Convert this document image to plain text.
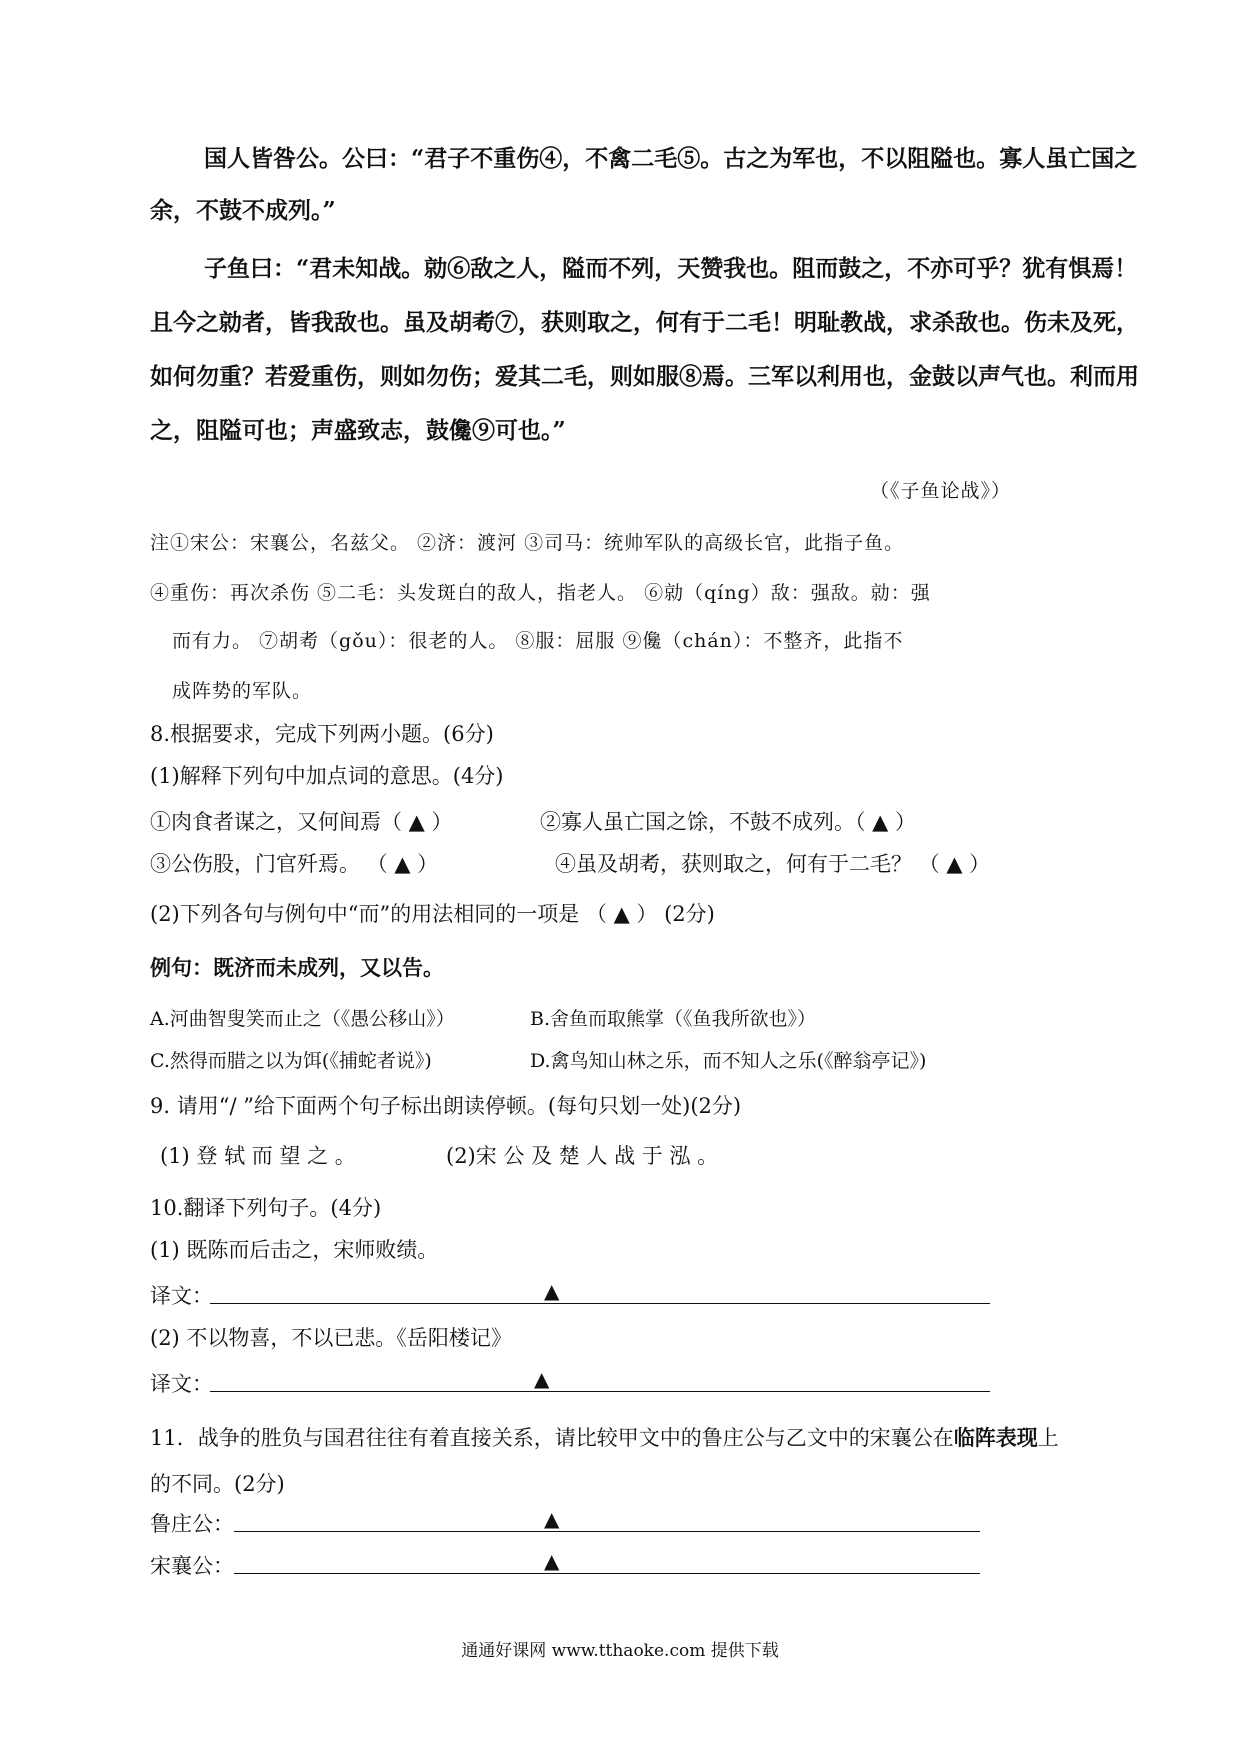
国人皆咎公。公曰：“君子不重伤④，不禽二毛⑤。古之为军也，不以阻隘也。寡人虽亡国之
余，不鼓不成列。”
子鱼曰：“君未知战。勍⑥敌之人，隘而不列，天赞我也。阻而鼓之，不亦可乎？犹有惧焉！
且今之勍者，皆我敌也。虽及胡耇⑦，获则取之，何有于二毛！明耻教战，求杀敌也。伤未及死，
如何勿重？若爱重伤，则如勿伤；爱其二毛，则如服⑧焉。三军以利用也，金鼓以声气也。利而用
之，阻隘可也；声盛致志，鼓儳⑨可也。”
（《子鱼论战》）
注①宋公：宋襄公，名兹父。 ②济：渡河 ③司马：统帅军队的高级长官，此指子鱼。
④重伤：再次杀伤 ⑤二毛：头发斑白的敌人，指老人。 ⑥勍（qíng）敌：强敌。勍：强
而有力。 ⑦胡耇（gǒu）：很老的人。 ⑧服：屈服 ⑨儳（chán）：不整齐，此指不
成阵势的军队。
8.根据要求，完成下列两小题。(6分)
(1)解释下列句中加点词的意思。(4分)
①肉食者谋之，又何间焉（ ▲ ）	②寡人虽亡国之馀，不鼓不成列。（ ▲ ）
③公伤股，门官歼焉。 （ ▲ ）	④虽及胡耇，获则取之，何有于二毛？ （ ▲ ）
(2)下列各句与例句中“而”的用法相同的一项是 （ ▲ ） (2分)
例句：既济而未成列，又以告。
A.河曲智叟笑而止之（《愚公移山》）	B.舍鱼而取熊掌（《鱼我所欲也》）
C.然得而腊之以为饵(《捕蛇者说》)	D.禽鸟知山林之乐，而不知人之乐(《醉翁亭记》)
9. 请用“/ ”给下面两个句子标出朗读停顿。(每句只划一处)(2分)
(1) 登 轼 而 望 之 。	(2)宋 公 及 楚 人 战 于 泓 。
10.翻译下列句子。(4分)
(1) 既陈而后击之，宋师败绩。
译文：	▲
(2) 不以物喜，不以已悲。《岳阳楼记》
译文：	▲
11．战争的胜负与国君往往有着直接关系，请比较甲文中的鲁庄公与乙文中的宋襄公在临阵表现上
的不同。(2分)
鲁庄公：	▲
宋襄公：	▲
通通好课网 www.tthaoke.com 提供下载
